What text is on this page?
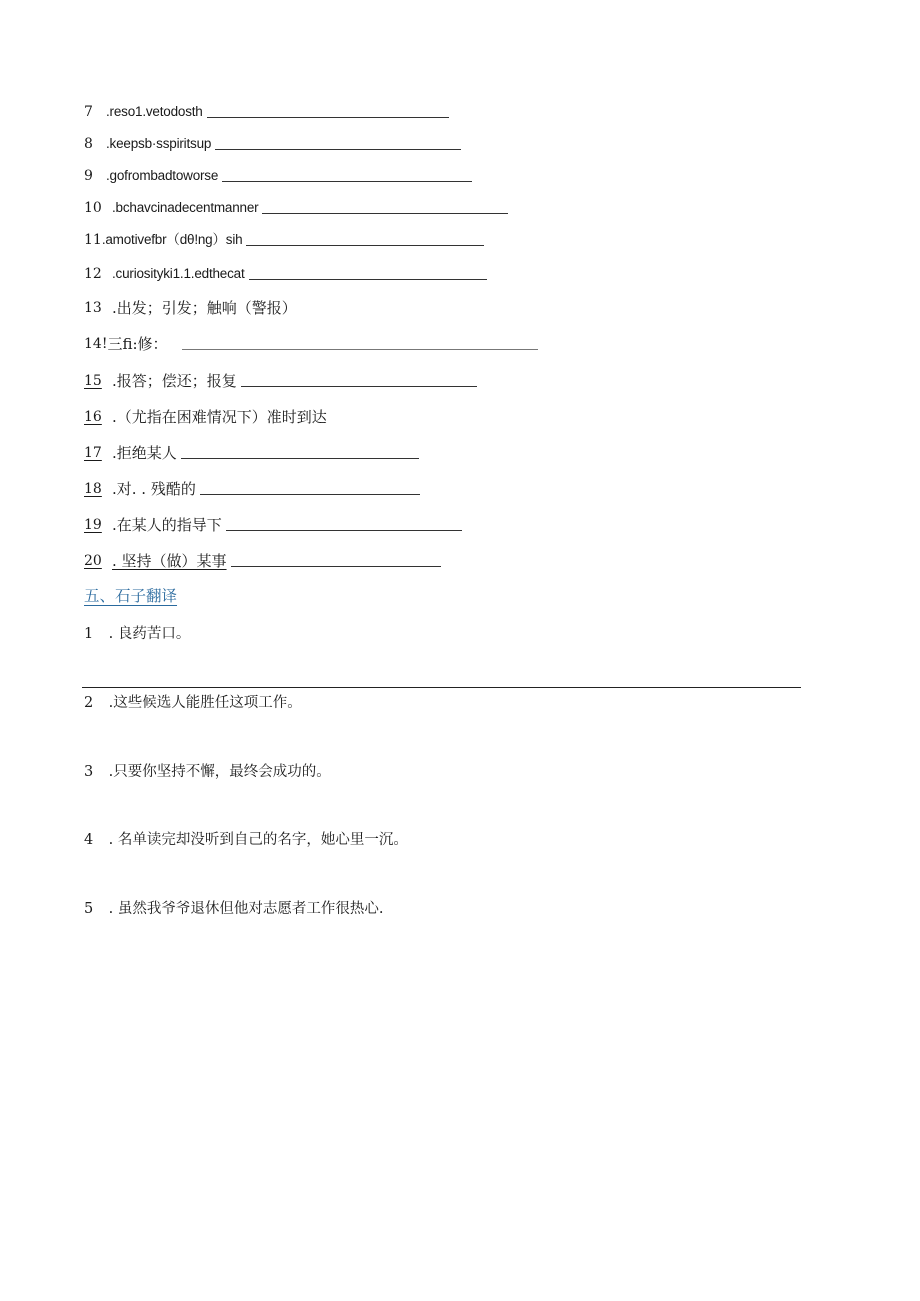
7 .reso1.vetodosth
8 .keepsb·sspiritsup
9 .gofrombadtoworse
10 .bchavcinadecentmanner
11 .amotivefbr（dθ!ng）sih
12 .curiosityki1.1.edthecat
13 .出发；引发；触响（警报）
14! 三fi:修：
15 .报答；偿还；报复
16 .（尤指在困难情况下）准时到达
17 .拒绝某人
18 .对. . 残酷的
19 .在某人的指导下
20 . 坚持（做）某事
五、石子翻译
1 . 良药苦口。
2 .这些候选人能胜任这项工作。
3 .只要你坚持不懈，最终会成功的。
4 . 名单读完却没听到自己的名字，她心里一沉。
5 . 虽然我爷爷退休但他对志愿者工作很热心.
